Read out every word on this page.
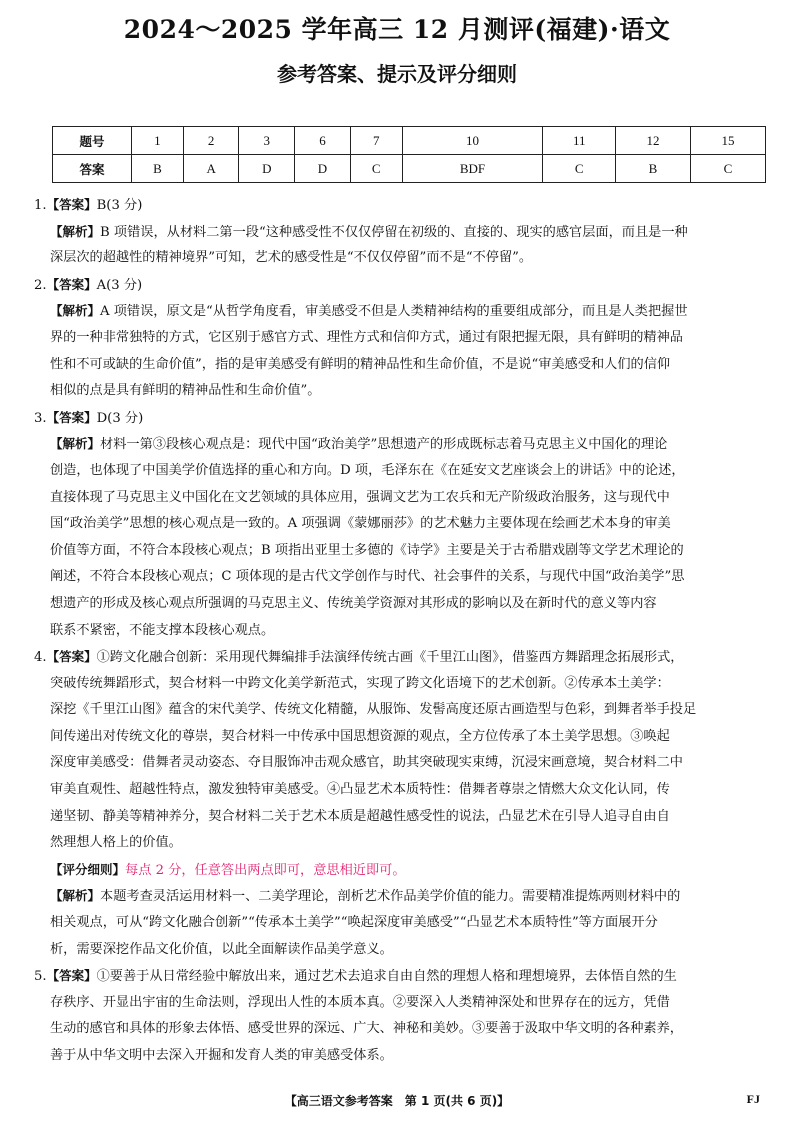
2024～2025 学年高三 12 月测评(福建)·语文
参考答案、提示及评分细则
题号	1	2	3	6	7	10	11	12	15
答案	B	A	D	D	C	BDF	C	B	C
1.【答案】B(3 分)
【解析】B 项错误，从材料二第一段“这种感受性不仅仅停留在初级的、直接的、现实的感官层面，而且是一种
深层次的超越性的精神境界”可知，艺术的感受性是“不仅仅停留”而不是“不停留”。
2.【答案】A(3 分)
【解析】A 项错误，原文是“从哲学角度看，审美感受不但是人类精神结构的重要组成部分，而且是人类把握世
界的一种非常独特的方式，它区别于感官方式、理性方式和信仰方式，通过有限把握无限，具有鲜明的精神品
性和不可或缺的生命价值”，指的是审美感受有鲜明的精神品性和生命价值，不是说“审美感受和人们的信仰
相似的点是具有鲜明的精神品性和生命价值”。
3.【答案】D(3 分)
【解析】材料一第③段核心观点是：现代中国“政治美学”思想遗产的形成既标志着马克思主义中国化的理论
创造，也体现了中国美学价值选择的重心和方向。D 项，毛泽东在《在延安文艺座谈会上的讲话》中的论述，
直接体现了马克思主义中国化在文艺领域的具体应用，强调文艺为工农兵和无产阶级政治服务，这与现代中
国“政治美学”思想的核心观点是一致的。A 项强调《蒙娜丽莎》的艺术魅力主要体现在绘画艺术本身的审美
价值等方面，不符合本段核心观点；B 项指出亚里士多德的《诗学》主要是关于古希腊戏剧等文学艺术理论的
阐述，不符合本段核心观点；C 项体现的是古代文学创作与时代、社会事件的关系，与现代中国“政治美学”思
想遗产的形成及核心观点所强调的马克思主义、传统美学资源对其形成的影响以及在新时代的意义等内容
联系不紧密，不能支撑本段核心观点。
4.【答案】①跨文化融合创新：采用现代舞编排手法演绎传统古画《千里江山图》，借鉴西方舞蹈理念拓展形式，
突破传统舞蹈形式，契合材料一中跨文化美学新范式，实现了跨文化语境下的艺术创新。②传承本土美学：
深挖《千里江山图》蕴含的宋代美学、传统文化精髓，从服饰、发髻高度还原古画造型与色彩，到舞者举手投足
间传递出对传统文化的尊崇，契合材料一中传承中国思想资源的观点，全方位传承了本土美学思想。③唤起
深度审美感受：借舞者灵动姿态、夺目服饰冲击观众感官，助其突破现实束缚，沉浸宋画意境，契合材料二中
审美直观性、超越性特点，激发独特审美感受。④凸显艺术本质特性：借舞者尊崇之情燃大众文化认同，传
递坚韧、静美等精神养分，契合材料二关于艺术本质是超越性感受性的说法，凸显艺术在引导人追寻自由自
然理想人格上的价值。
【评分细则】每点 2 分，任意答出两点即可，意思相近即可。
【解析】本题考查灵活运用材料一、二美学理论，剖析艺术作品美学价值的能力。需要精准提炼两则材料中的
相关观点，可从“跨文化融合创新”“传承本土美学”“唤起深度审美感受”“凸显艺术本质特性”等方面展开分
析，需要深挖作品文化价值，以此全面解读作品美学意义。
5.【答案】①要善于从日常经验中解放出来，通过艺术去追求自由自然的理想人格和理想境界，去体悟自然的生
存秩序、开显出宇宙的生命法则，浮现出人性的本质本真。②要深入人类精神深处和世界存在的远方，凭借
生动的感官和具体的形象去体悟、感受世界的深远、广大、神秘和美妙。③要善于汲取中华文明的各种素养，
善于从中华文明中去深入开掘和发育人类的审美感受体系。
【高三语文参考答案　第 1 页(共 6 页)】	FJ
